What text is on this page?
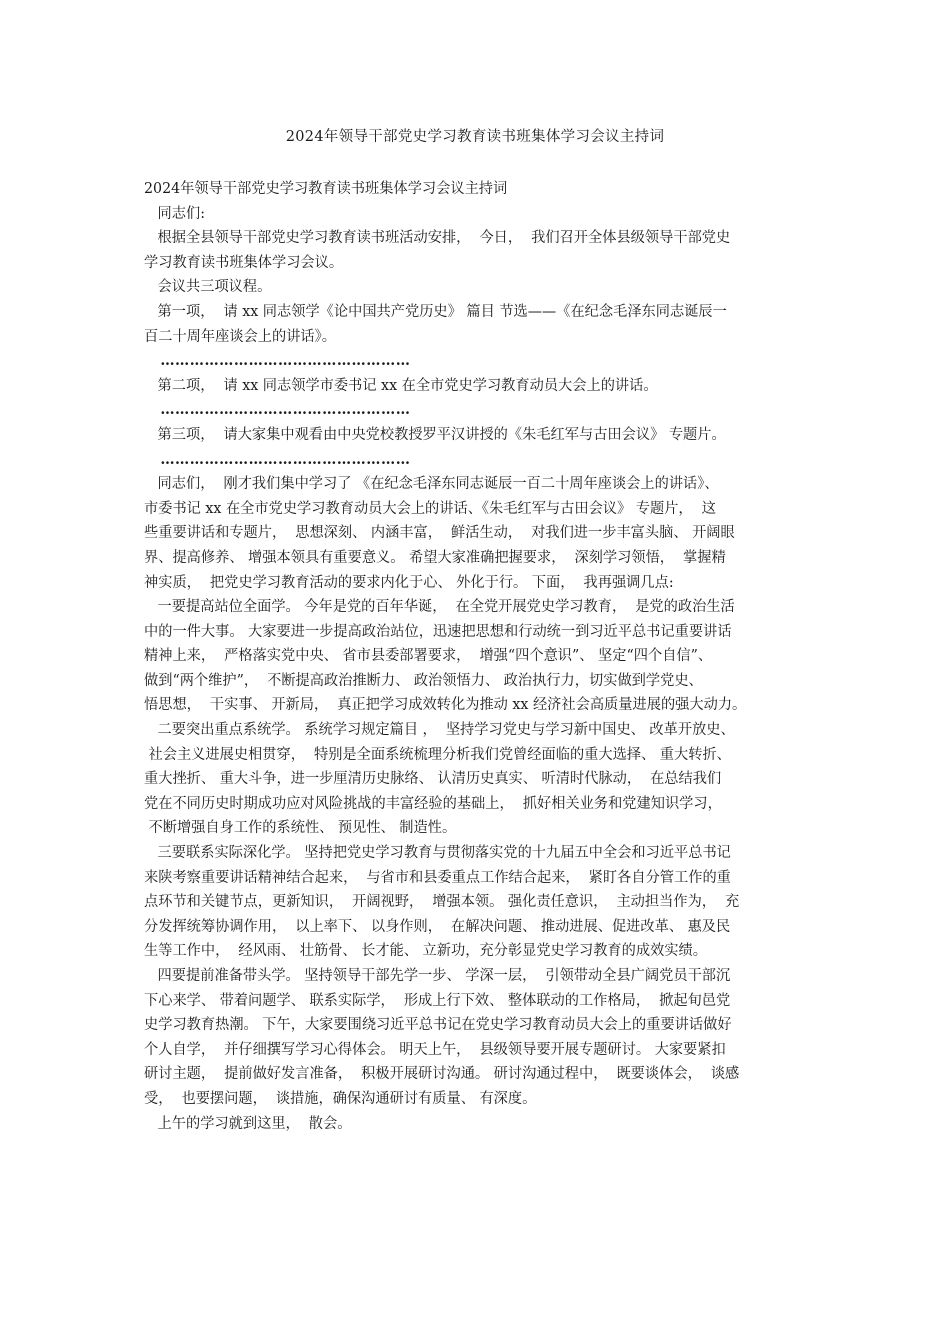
2024年领导干部党史学习教育读书班集体学习会议主持词
2024年领导干部党史学习教育读书班集体学习会议主持词
同志们:
根据全县领导干部党史学习教育读书班活动安排，  今日，  我们召开全体县级领导干部党史
学习教育读书班集体学习会议。
会议共三项议程。
第一项，  请 xx 同志领学《论中国共产党历史》 篇目 节选——《在纪念毛泽东同志诞辰一
百二十周年座谈会上的讲话》。
……………………………………………
第二项，  请 xx 同志领学市委书记 xx 在全市党史学习教育动员大会上的讲话。
……………………………………………
第三项，  请大家集中观看由中央党校教授罗平汉讲授的《朱毛红军与古田会议》 专题片。
……………………………………………
同志们，  刚才我们集中学习了 《在纪念毛泽东同志诞辰一百二十周年座谈会上的讲话》、
市委书记 xx 在全市党史学习教育动员大会上的讲话、《朱毛红军与古田会议》 专题片，  这
些重要讲话和专题片，  思想深刻、 内涵丰富，  鲜活生动，  对我们进一步丰富头脑、 开阔眼
界、提高修养、 增强本领具有重要意义。 希望大家准确把握要求，  深刻学习领悟，  掌握精
神实质，  把党史学习教育活动的要求内化于心、 外化于行。 下面，  我再强调几点:
一要提高站位全面学。 今年是党的百年华诞，  在全党开展党史学习教育，  是党的政治生活
中的一件大事。 大家要进一步提高政治站位，迅速把思想和行动统一到习近平总书记重要讲话
精神上来，  严格落实党中央、 省市县委部署要求，  增强“四个意识”、 坚定“四个自信”、
做到“两个维护”，  不断提高政治推断力、 政治领悟力、 政治执行力，切实做到学党史、
悟思想，  干实事、 开新局，  真正把学习成效转化为推动 xx 经济社会高质量进展的强大动力。
二要突出重点系统学。 系统学习规定篇目 ，  坚持学习党史与学习新中国史、 改革开放史、
社会主义进展史相贯穿，  特别是全面系统梳理分析我们党曾经面临的重大选择、 重大转折、
重大挫折、 重大斗争，进一步厘清历史脉络、 认清历史真实、 听清时代脉动，  在总结我们
党在不同历史时期成功应对风险挑战的丰富经验的基础上，  抓好相关业务和党建知识学习，
不断增强自身工作的系统性、 预见性、 制造性。
三要联系实际深化学。 坚持把党史学习教育与贯彻落实党的十九届五中全会和习近平总书记
来陕考察重要讲话精神结合起来，  与省市和县委重点工作结合起来，  紧盯各自分管工作的重
点环节和关键节点，更新知识，  开阔视野，  增强本领。 强化责任意识，  主动担当作为，  充
分发挥统筹协调作用，  以上率下、 以身作则，  在解决问题、 推动进展、促进改革、 惠及民
生等工作中，  经风雨、 壮筋骨、 长才能、 立新功，充分彰显党史学习教育的成效实绩。
四要提前准备带头学。 坚持领导干部先学一步、 学深一层，  引领带动全县广阔党员干部沉
下心来学、 带着问题学、 联系实际学，  形成上行下效、 整体联动的工作格局，  掀起旬邑党
史学习教育热潮。 下午，大家要围绕习近平总书记在党史学习教育动员大会上的重要讲话做好
个人自学，  并仔细撰写学习心得体会。 明天上午，  县级领导要开展专题研讨。 大家要紧扣
研讨主题，  提前做好发言准备，  积极开展研讨沟通。 研讨沟通过程中，  既要谈体会，  谈感
受，  也要摆问题，  谈措施，确保沟通研讨有质量、 有深度。
上午的学习就到这里，  散会。
